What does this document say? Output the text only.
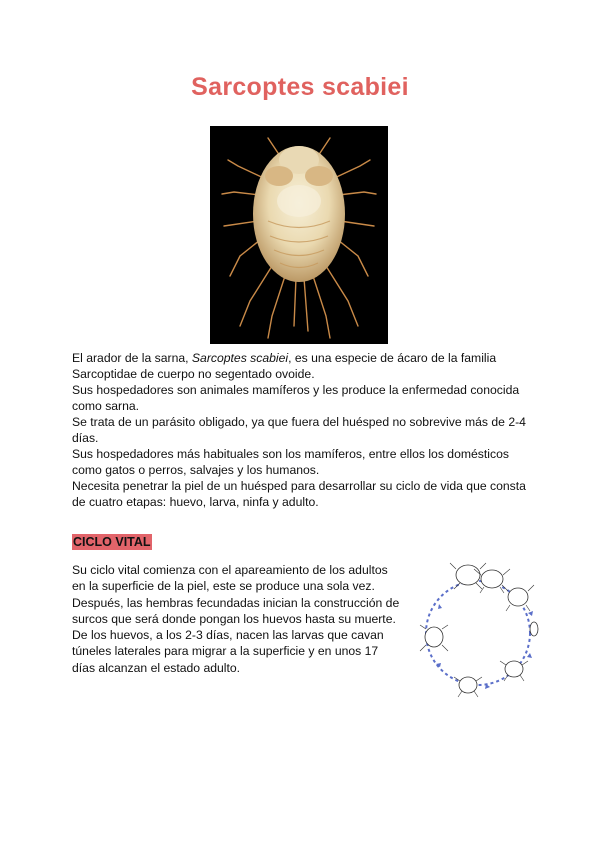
Sarcoptes scabiei

El arador de la sarna, Sarcoptes scabiei, es una especie de ácaro de la familia Sarcoptidae de cuerpo no segentado ovoide.

Sus hospedadores son animales mamíferos y les produce la enfermedad conocida como sarna.

Se trata de un parásito obligado, ya que fuera del huésped no sobrevive más de 2-4 días.

Sus hospedadores más habituales son los mamíferos, entre ellos los domésticos como gatos o perros, salvajes y los humanos.

Necesita penetrar la piel de un huésped para desarrollar su ciclo de vida que consta de cuatro etapas: huevo, larva, ninfa y adulto.

CICLO VITAL

Su ciclo vital comienza con el apareamiento de los adultos en la superficie de la piel, este se produce una sola vez. Después, las hembras fecundadas inician la construcción de surcos que será donde pongan los huevos hasta su muerte. De los huevos, a los 2-3 días, nacen las larvas que cavan túneles laterales para migrar a la superficie y en unos 17 días alcanzan el estado adulto.
